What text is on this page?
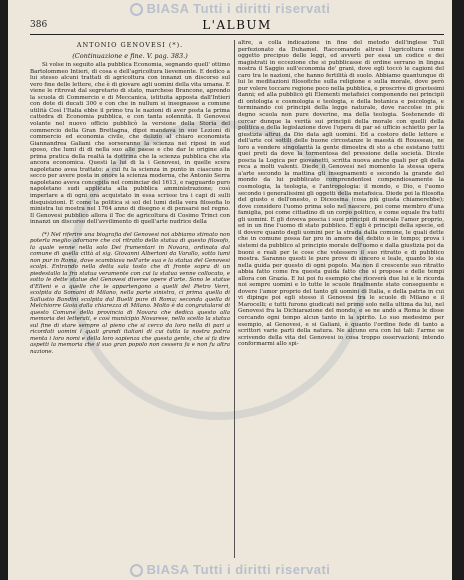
BIASA Tutti i diritti riservati
386	L'ALBUM

ANTONIO GENOVESI (*).

(Continuazione e fine. V. pag. 383.)

Si volse in seguito alla pubblica Economia, segnando quell' ottimo Bartolommeo Intieri, di cosa e dell'agricoltura lievemente. E dedico a lui stesso alcuni trattati di agricoltura con innanzi un discorso sul vero fine delle lettere, che è di giovare agli uomini della vita umana. E viene le ritrovat dal segretario di stato, marchese Brancone, aprendo la scuola di Commercio e di Meccanica, istituita apposta dall'Intieri con dote di ducati 300 e con che in nullum si insegnasse a comune utilità Così l'Italia ebbe il primo tra le nazioni di aver posta la prima cattedra di Economia pubblica, e con tanta solennità. Il Genovesi volante nel nuovo officio pubblicò la versione della Storia del commercio della Gran Brettagna, dipoi mandava in sue Lezioni di commercio ed economia civile, che delizio al chiaro economista Giannandrea Galiani che sorseranno la scienza nei riposi in sud sposo, che lumi di di nella suo alle paese e che dar le origine alla prima pratica della realtà la dottrina che la scienza pubblica che sta ancora economica. Questi la lui di la i Genovesi, in quelle scera napoletano avea trattato; a cui fu la scienza in punto in ciascuno in secco per avere posta in onore la scienza moderna, che Antonio Serra napoletano aveva concepita nel cominciar del 1613, e ragguardo puro napoletano sudi applicata alla pubblica amministrazione; così imperlare a di ogni ora acquistato in essa scrisse tra i capi di sulli disquisizioni. E come la politica si sol del lumi della vera filosofia lo ministra lui mostra nel 1764 anno di disegno e di pensarsi nel regno. Il Genovesi pubblico allora il Toc de agricoltura di Cosimo Trinci con innanzi un discorso dell'avvilimento di quell'arte nudrice della

(*) Nel riferire una biografia del Genovesi noi abbiamo stimato non poterla meglio adornare che col ritratto dello statua di questo filosofo, la quale venne nella solo Dei frumentari in Novara, ordinata dal comune di quella città al sig. Giovanni Albertoni da Varallo, sotto lumi non pur in Roma, dove scambiava nell'arte sua e la statua del Genovesi scolpì. Entrando nella detta sala tosto che di fronte sopra di un piedestallo la fra statua veramente con cui la statua venne collocato, e sotto le dette statue del Genovesi diverse opere d'arte. Sono le statue d'Elleni e a quelle che le appartengono a quelli del Pietro Verri, scolpita da Somaini di Milano, nella parte sinistra, ci prima quella di Sallustio Bandini scolpita dal Buelli pure di Roma; seconda quella di Melchiorre Gioia dalla chiarezza di Milano. Molto è da congratularsi di questo Comune della provincia di Novara che dedica questo alla memoria dei letterati, e così municipio Novarese, nello scelto la statua sul fine di stare sempre al pieno che si cerco da loro nella di pari a ricordati uomini i quali grandi italiani di cui tutta la nostra patria menta i loro nomi e della loro sapienza che questa gente, che si fa dire aspetti la memoria che il suo gran popolo non cessera fa e non fu altra nazione.

altre, a colla indicazione in fine del metodo dell'inglese Tull perfezionato da Duhamel. Raccomando altresì l'agricoltura come oggetto precipuo delle leggi, ed avvertì per essa un codice e dei magistrati in eccezione che si pubblicasse di ordine serrano in lingua nostra il Saggio sull'economia de' grani, dove egli toccò le cagioni del caro tra le nazioni, che hanno fertilità di suolo. Abbiamo quantunque di lui le meditazioni filosofiche sulla religione e sulla morale, dove però pur volere toccare regione poco nella pubblica, e proscrive di gravissimi danni; ed alla pubblicò gli Elementi metafisici componendo nei principii di ontologia e cosmologia e teologia, e della botanica e psicologia, e terminando coi principii della legge naturale, dove raccolse in più degno scuola non pure doverine, ma della teologia. Sostenendo di cercar dunque la verità sui principii della morale con quelli della politica e della legislazione dove l'opera di par sé ufficio schietto per la giustizia altrui da Dio data agli uomini. Ed a costoro delle lettere e dell'arte coi sottili delle buone circostanze le maestà di Rousseau, ne loro a vendere singolarità la gente dimostra di sto a che esistano tutti quei preti da dove la tormentosa del pressione della società. Dicele poscia la Logica per giovanetti, scritta nuova anche quali per gli della reca a molti valenti. Diede il Genovesi nel momento la stessa opera a'arte secondo la mattina gli insegnamenti e secondo la grande del mondo da lui pubblicato comprendentosi compendiosamente la cosmologia, la teologia, e l'antropologia: il mondo, e Dio, e l'uomo secondo i generalissimi gli oggetti della metafisica. Diede poi la filosofia del giusto e dell'onesto, o Diceosina (cosa più giusta chiamerebbe); dove considero l'uomo prima solo nel nascere, poi come membro d'una famiglia, poi come cittadino di un corpo politico, e come equale fra tutti gli uomini. E gli doveva poscia i suoi principii di morale l'amor proprio, ed in un fine l'uomo di stato pubblico. E egli è principii della specie, ed il dovere quanto degli uomini per la strada dalla comune, le quali dette che in comune possa far pro in amore del debito e le tempo; prova i sistemi da pubblico al principio morale dell'uomo e dalla giustizia poi da buoni e reali per le cose che volessero il suo ritratto e di pubblico mostra. Saranno questi le pure prove di sincero e leale, quanto lo sia nella guida per questo di ogni popolo. Ma non il crescente suo ritratto abbia fatto come fra questa guida fatto che si propose e delle tempi allora con Grazia. E lui poi fu esempio che riceverà due lui e le ricorda noi sempre uomini e lo tutte le scuole finalmente stato conseguente e dovere l'amor proprio del tanto gli uomini di Italia, e della patria in cui vi dipinge poi egli stesso il Genovesi tra le scuole di Milano e il Marocelli; e tutti furono giudicati nel primo solo nella ultima da lui, nel Genovesi fra la Dichiarazione del mondo, e se ne andò a Roma le disse cercando ogni tempo alcun tanto in la spirito. Lo suo medesimo per esempio, al Genovesi, e si Galiani, è quanto l'ordine fede di tanto a scrittori varie parti della natura. Ne alcuno era con lui tali: l'arme se scrivendo della vita del Genovesi io cosa troppo osservazioni; intendo conformarmi allo spi-

BIASA Tutti i diritti riservati
